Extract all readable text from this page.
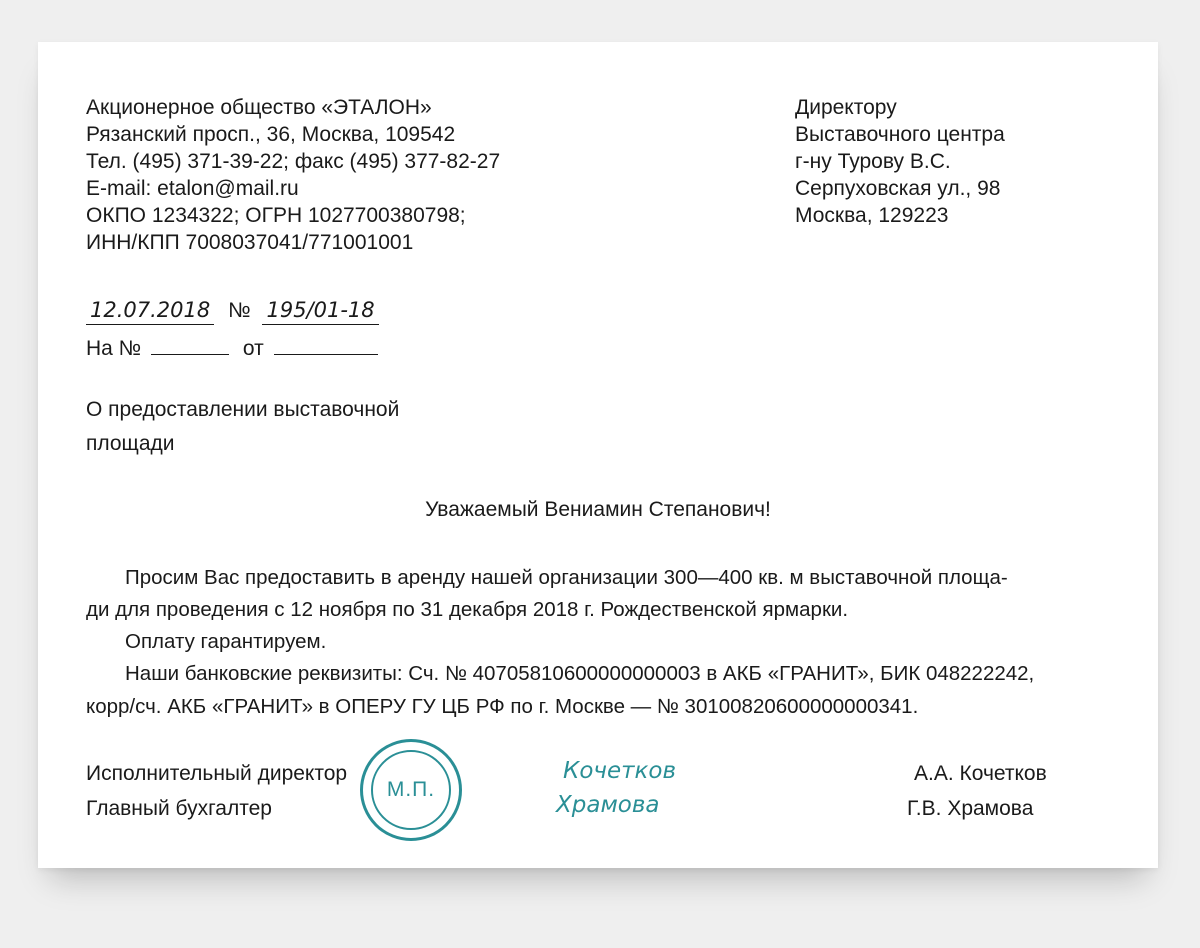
Акционерное общество «ЭТАЛОН»
Рязанский просп., 36, Москва, 109542
Тел. (495) 371-39-22; факс (495) 377-82-27
E-mail: etalon@mail.ru
ОКПО 1234322; ОГРН 1027700380798;
ИНН/КПП 7008037041/771001001
Директору
Выставочного центра
г-ну Турову В.С.
Серпуховская ул., 98
Москва, 129223
12.07.2018 № 195/01-18
На №	от
О предоставлении выставочной
площади
Уважаемый Вениамин Степанович!
Просим Вас предоставить в аренду нашей организации 300—400 кв. м выставочной площа-
ди для проведения с 12 ноября по 31 декабря 2018 г. Рождественской ярмарки.
Оплату гарантируем.
Наши банковские реквизиты: Сч. № 40705810600000000003 в АКБ «ГРАНИТ», БИК 048222242,
корр/сч. АКБ «ГРАНИТ» в ОПЕРУ ГУ ЦБ РФ по г. Москве — № 30100820600000000341.
Исполнительный директор
Главный бухгалтер
М.П.
Кочетков
Храмова
А.А. Кочетков
Г.В. Храмова
